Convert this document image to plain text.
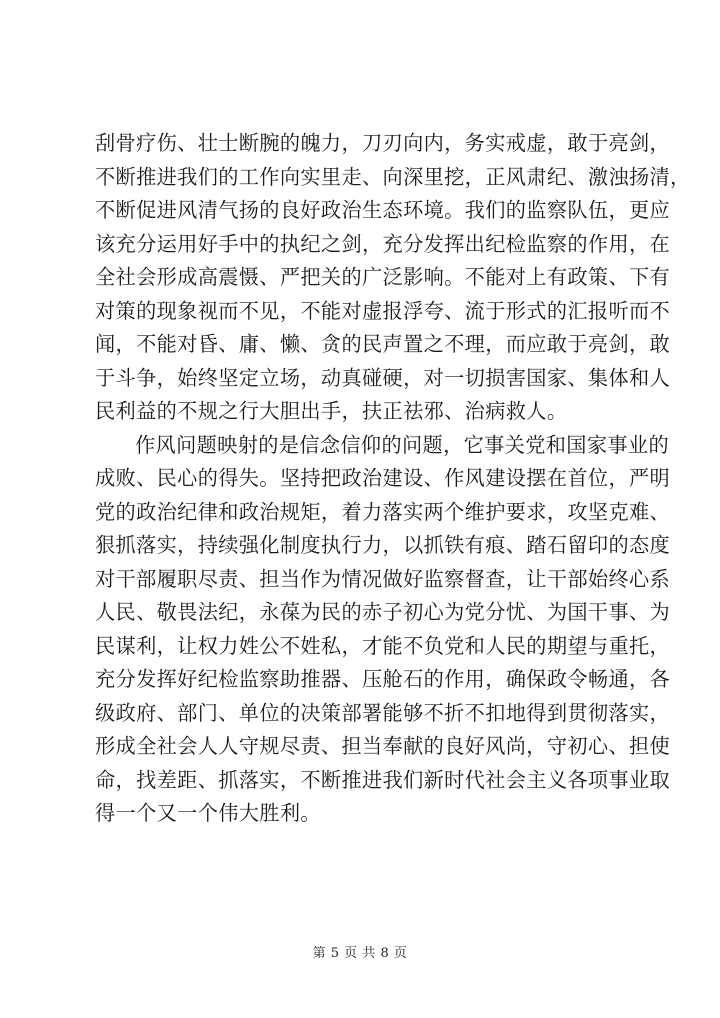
刮骨疗伤、壮士断腕的魄力，刀刃向内，务实戒虚，敢于亮剑，
不断推进我们的工作向实里走、向深里挖，正风肃纪、激浊扬清，
不断促进风清气扬的良好政治生态环境。我们的监察队伍，更应
该充分运用好手中的执纪之剑，充分发挥出纪检监察的作用，在
全社会形成高震慑、严把关的广泛影响。不能对上有政策、下有
对策的现象视而不见，不能对虚报浮夸、流于形式的汇报听而不
闻，不能对昏、庸、懒、贪的民声置之不理，而应敢于亮剑，敢
于斗争，始终坚定立场，动真碰硬，对一切损害国家、集体和人
民利益的不规之行大胆出手，扶正祛邪、治病救人。

作风问题映射的是信念信仰的问题，它事关党和国家事业的
成败、民心的得失。坚持把政治建设、作风建设摆在首位，严明
党的政治纪律和政治规矩，着力落实两个维护要求，攻坚克难、
狠抓落实，持续强化制度执行力，以抓铁有痕、踏石留印的态度
对干部履职尽责、担当作为情况做好监察督查，让干部始终心系
人民、敬畏法纪，永葆为民的赤子初心为党分忧、为国干事、为
民谋利，让权力姓公不姓私，才能不负党和人民的期望与重托，
充分发挥好纪检监察助推器、压舱石的作用，确保政令畅通，各
级政府、部门、单位的决策部署能够不折不扣地得到贯彻落实，
形成全社会人人守规尽责、担当奉献的良好风尚，守初心、担使
命，找差距、抓落实，不断推进我们新时代社会主义各项事业取
得一个又一个伟大胜利。

第 5 页 共 8 页
